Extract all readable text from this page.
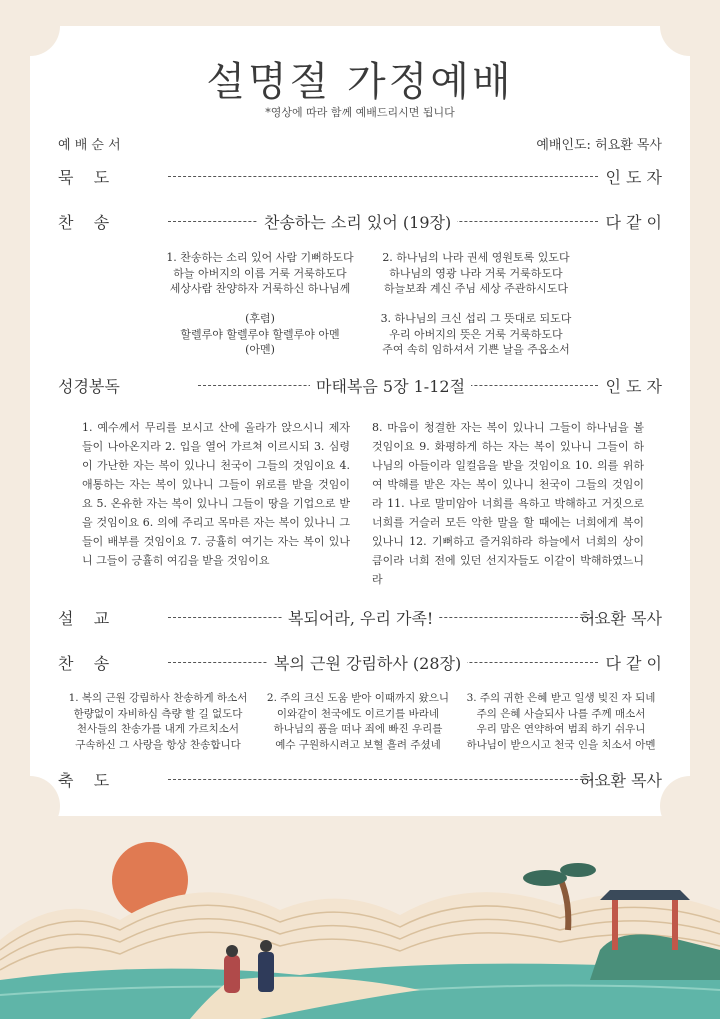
설명절 가정예배
*영상에 따라 함께 예배드리시면 됩니다
예 배 순 서	예배인도: 허요환 목사
묵    도	인 도 자
찬    송	찬송하는 소리 있어 (19장)	다 같 이
1. 찬송하는 소리 있어 사람 기뻐하도다
하늘 아버지의 이름 거룩 거룩하도다
세상사람 찬양하자 거룩하신 하나님께
(후렴)
할렐루야 할렐루야 할렐루야 아멘
(아멘)
2. 하나님의 나라 권세 영원토록 있도다
하나님의 영광 나라 거룩 거룩하도다
하늘보좌 계신 주님 세상 주관하시도다
3. 하나님의 크신 섭리 그 뜻대로 되도다
우리 아버지의 뜻은 거룩 거룩하도다
주여 속히 임하셔서 기쁜 날을 주옵소서
성경봉독	마태복음 5장 1-12절	인 도 자
1. 예수께서 무리를 보시고 산에 올라가 앉으시니 제자들이 나아온지라 2. 입을 열어 가르쳐 이르시되 3. 심령이 가난한 자는 복이 있나니 천국이 그들의 것임이요 4. 애통하는 자는 복이 있나니 그들이 위로를 받을 것임이요 5. 온유한 자는 복이 있나니 그들이 땅을 기업으로 받을 것임이요 6. 의에 주리고 목마른 자는 복이 있나니 그들이 배부를 것임이요 7. 긍휼히 여기는 자는 복이 있나니 그들이 긍휼히 여김을 받을 것임이요
8. 마음이 청결한 자는 복이 있나니 그들이 하나님을 볼 것임이요 9. 화평하게 하는 자는 복이 있나니 그들이 하나님의 아들이라 일컬음을 받을 것임이요 10. 의를 위하여 박해를 받은 자는 복이 있나니 천국이 그들의 것임이라 11. 나로 말미암아 너희를 욕하고 박해하고 거짓으로 너희를 거슬러 모든 악한 말을 할 때에는 너희에게 복이 있나니 12. 기뻐하고 즐거워하라 하늘에서 너희의 상이 큼이라 너희 전에 있던 선지자들도 이같이 박해하였느니라
설    교	복되어라, 우리 가족!	허요환 목사
찬    송	복의 근원 강림하사 (28장)	다 같 이
1. 복의 근원 강림하사 찬송하게 하소서
한량없이 자비하심 측량 할 길 없도다
천사들의 찬송가를 내게 가르치소서
구속하신 그 사랑을 항상 찬송합니다
2. 주의 크신 도움 받아 이때까지 왔으니
이와같이 천국에도 이르기를 바라네
하나님의 품을 떠나 죄에 빠진 우리를
예수 구원하시려고 보혈 흘려 주셨네
3. 주의 귀한 은혜 받고 일생 빚진 자 되네
주의 은혜 사슬되사 나를 주께 매소서
우리 맘은 연약하여 범죄 하기 쉬우니
하나님이 받으시고 천국 인을 치소서 아멘
축    도	허요환 목사
